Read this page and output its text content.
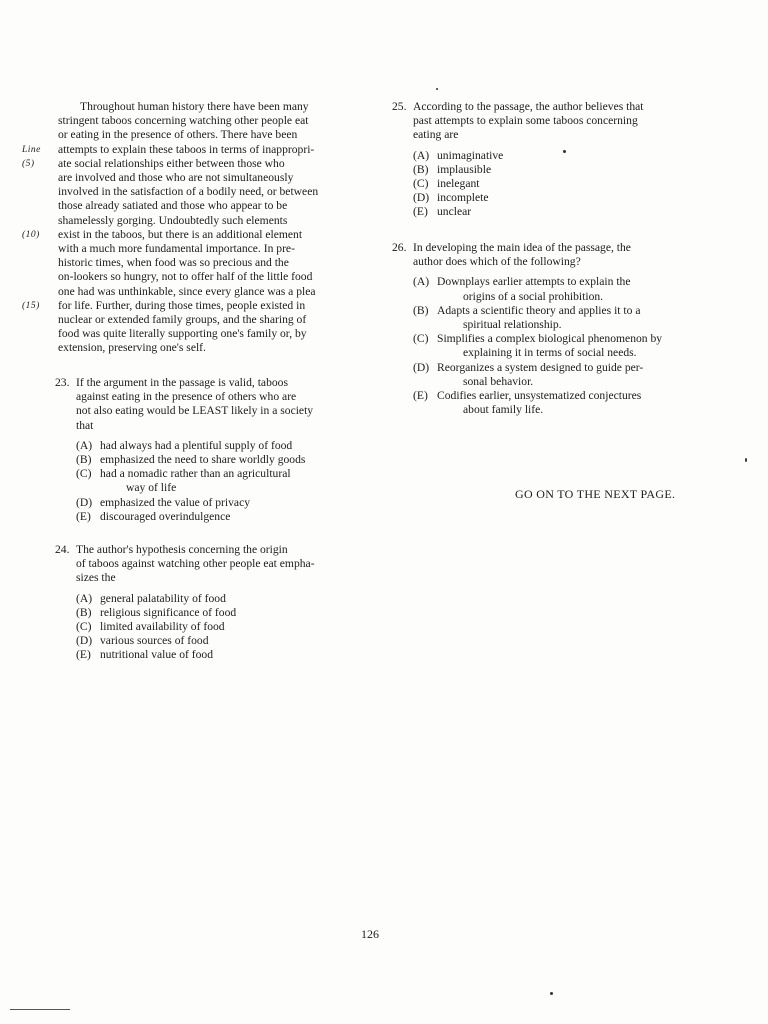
Throughout human history there have been many
stringent taboos concerning watching other people eat
or eating in the presence of others. There have been
Line	attempts to explain these taboos in terms of inappropri-
(5)	ate social relationships either between those who
are involved and those who are not simultaneously
involved in the satisfaction of a bodily need, or between
those already satiated and those who appear to be
shamelessly gorging. Undoubtedly such elements
(10)	exist in the taboos, but there is an additional element
with a much more fundamental importance. In pre-
historic times, when food was so precious and the
on-lookers so hungry, not to offer half of the little food
one had was unthinkable, since every glance was a plea
(15)	for life. Further, during those times, people existed in
nuclear or extended family groups, and the sharing of
food was quite literally supporting one's family or, by
extension, preserving one's self.
23. If the argument in the passage is valid, taboos
against eating in the presence of others who are
not also eating would be LEAST likely in a society
that
(A) had always had a plentiful supply of food
(B) emphasized the need to share worldly goods
(C) had a nomadic rather than an agricultural
way of life
(D) emphasized the value of privacy
(E) discouraged overindulgence
24. The author's hypothesis concerning the origin
of taboos against watching other people eat empha-
sizes the
(A) general palatability of food
(B) religious significance of food
(C) limited availability of food
(D) various sources of food
(E) nutritional value of food
25. According to the passage, the author believes that
past attempts to explain some taboos concerning
eating are
(A) unimaginative
(B) implausible
(C) inelegant
(D) incomplete
(E) unclear
26. In developing the main idea of the passage, the
author does which of the following?
(A) Downplays earlier attempts to explain the
origins of a social prohibition.
(B) Adapts a scientific theory and applies it to a
spiritual relationship.
(C) Simplifies a complex biological phenomenon by
explaining it in terms of social needs.
(D) Reorganizes a system designed to guide per-
sonal behavior.
(E) Codifies earlier, unsystematized conjectures
about family life.
GO ON TO THE NEXT PAGE.
126
